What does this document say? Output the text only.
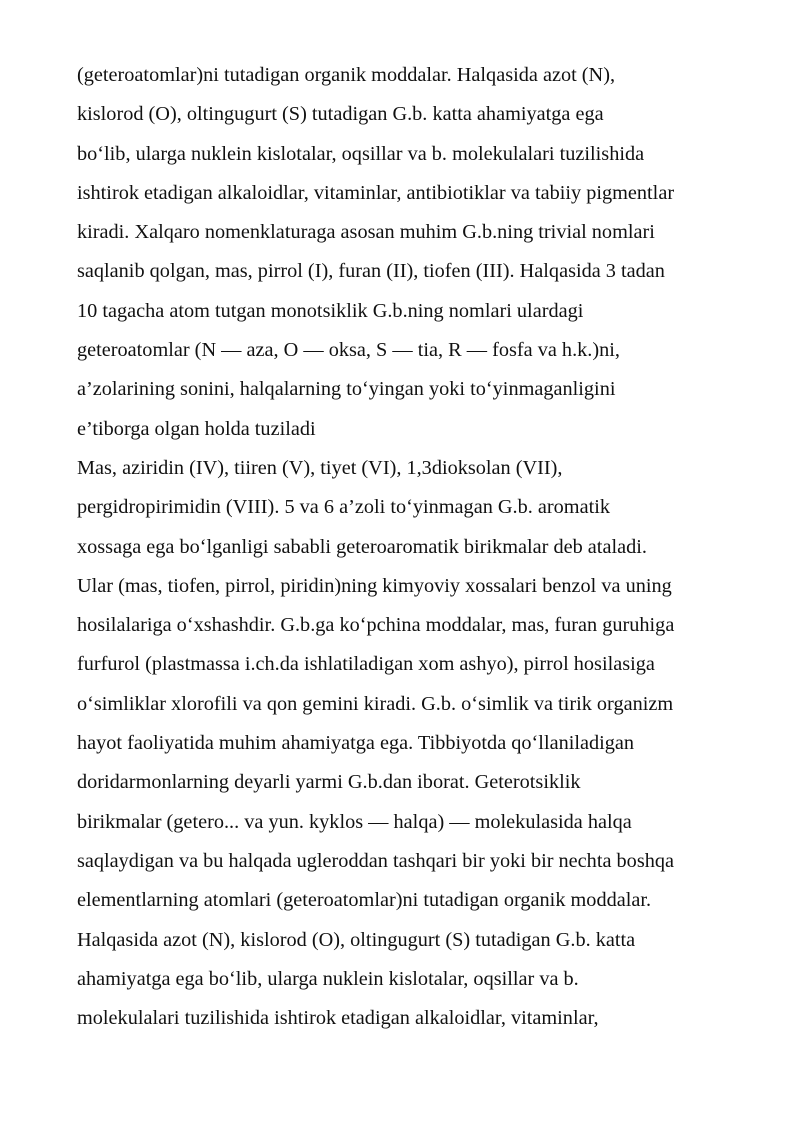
(geteroatomlar)ni tutadigan organik moddalar. Halqasida azot (N),
kislorod (O), oltingugurt (S) tutadigan G.b. katta ahamiyatga ega
bo‘lib, ularga nuklein kislotalar, oqsillar va b. molekulalari tuzilishida
ishtirok etadigan alkaloidlar, vitaminlar, antibiotiklar va tabiiy pigmentlar
kiradi. Xalqaro nomenklaturaga asosan muhim G.b.ning trivial nomlari
saqlanib qolgan, mas, pirrol (I), furan (II), tiofen (III). Halqasida 3 tadan
10 tagacha atom tutgan monotsiklik G.b.ning nomlari ulardagi
geteroatomlar (N — aza, O — oksa, S — tia, R — fosfa va h.k.)ni,
a’zolarining sonini, halqalarning to‘yingan yoki to‘yinmaganligini
e’tiborga olgan holda tuziladi
Mas, aziridin (IV), tiiren (V), tiyet (VI), 1,3dioksolan (VII),
pergidropirimidin (VIII). 5 va 6 a’zoli to‘yinmagan G.b. aromatik
xossaga ega bo‘lganligi sababli geteroaromatik birikmalar deb ataladi.
Ular (mas, tiofen, pirrol, piridin)ning kimyoviy xossalari benzol va uning
hosilalariga o‘xshashdir. G.b.ga ko‘pchina moddalar, mas, furan guruhiga
furfurol (plastmassa i.ch.da ishlatiladigan xom ashyo), pirrol hosilasiga
o‘simliklar xlorofili va qon gemini kiradi. G.b. o‘simlik va tirik organizm
hayot faoliyatida muhim ahamiyatga ega. Tibbiyotda qo‘llaniladigan
doridarmonlarning deyarli yarmi G.b.dan iborat. Geterotsiklik
birikmalar (getero... va yun. kyklos — halqa) — molekulasida halqa
saqlaydigan va bu halqada ugleroddan tashqari bir yoki bir nechta boshqa
elementlarning atomlari (geteroatomlar)ni tutadigan organik moddalar.
Halqasida azot (N), kislorod (O), oltingugurt (S) tutadigan G.b. katta
ahamiyatga ega bo‘lib, ularga nuklein kislotalar, oqsillar va b.
molekulalari tuzilishida ishtirok etadigan alkaloidlar, vitaminlar,
